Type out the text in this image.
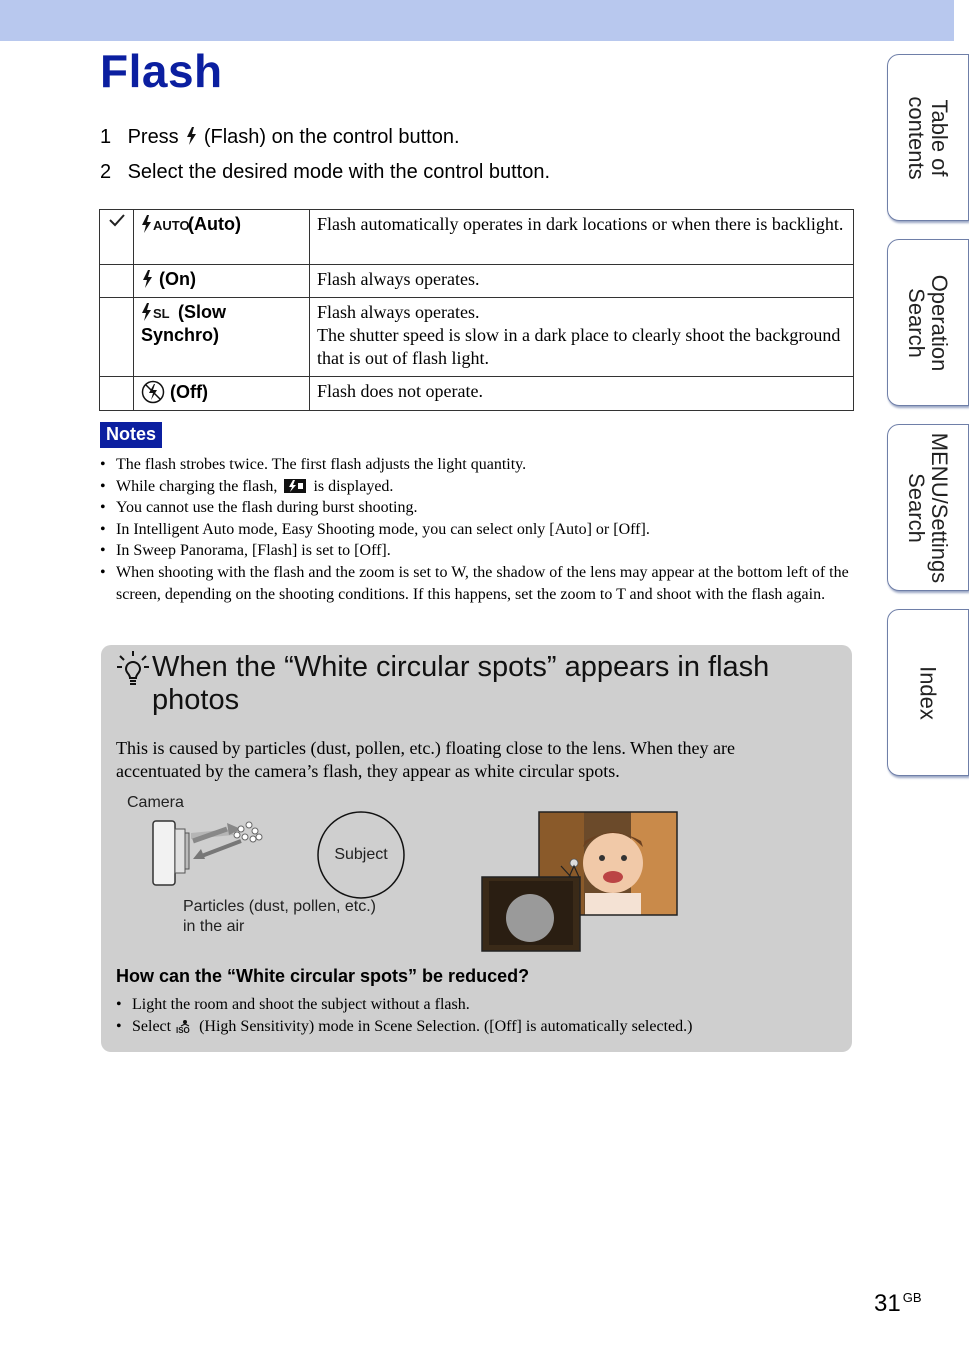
Flash
1 Press (Flash) on the control button.
2 Select the desired mode with the control button.

AUTO
(Auto)	Flash automatically operates in dark locations or when there is backlight.
	(On)	Flash always operates.

SL (Slow Synchro)	Flash always operates.
The shutter speed is slow in a dark place to clearly shoot the background that is out of flash light.
	(Off)	Flash does not operate.
Notes
• The flash strobes twice. The first flash adjusts the light quantity.
• While charging the flash, is displayed.
• You cannot use the flash during burst shooting.
• In Intelligent Auto mode, Easy Shooting mode, you can select only [Auto] or [Off].
• In Sweep Panorama, [Flash] is set to [Off].
• When shooting with the flash and the zoom is set to W, the shadow of the lens may appear at the bottom left of the screen, depending on the shooting conditions. If this happens, set the zoom to T and shoot with the flash again.
When the “White circular spots” appears in flash photos
This is caused by particles (dust, pollen, etc.) floating close to the lens. When they are accentuated by the camera’s flash, they appear as white circular spots.
Camera
Subject
Particles (dust, pollen, etc.)
in the air
How can the “White circular spots” be reduced?
• Light the room and shoot the subject without a flash.
• Select ISO (High Sensitivity) mode in Scene Selection. ([Off] is automatically selected.)
Table of
contents
Operation
Search
MENU/Settings
Search
Index
31 $^{GB}$
